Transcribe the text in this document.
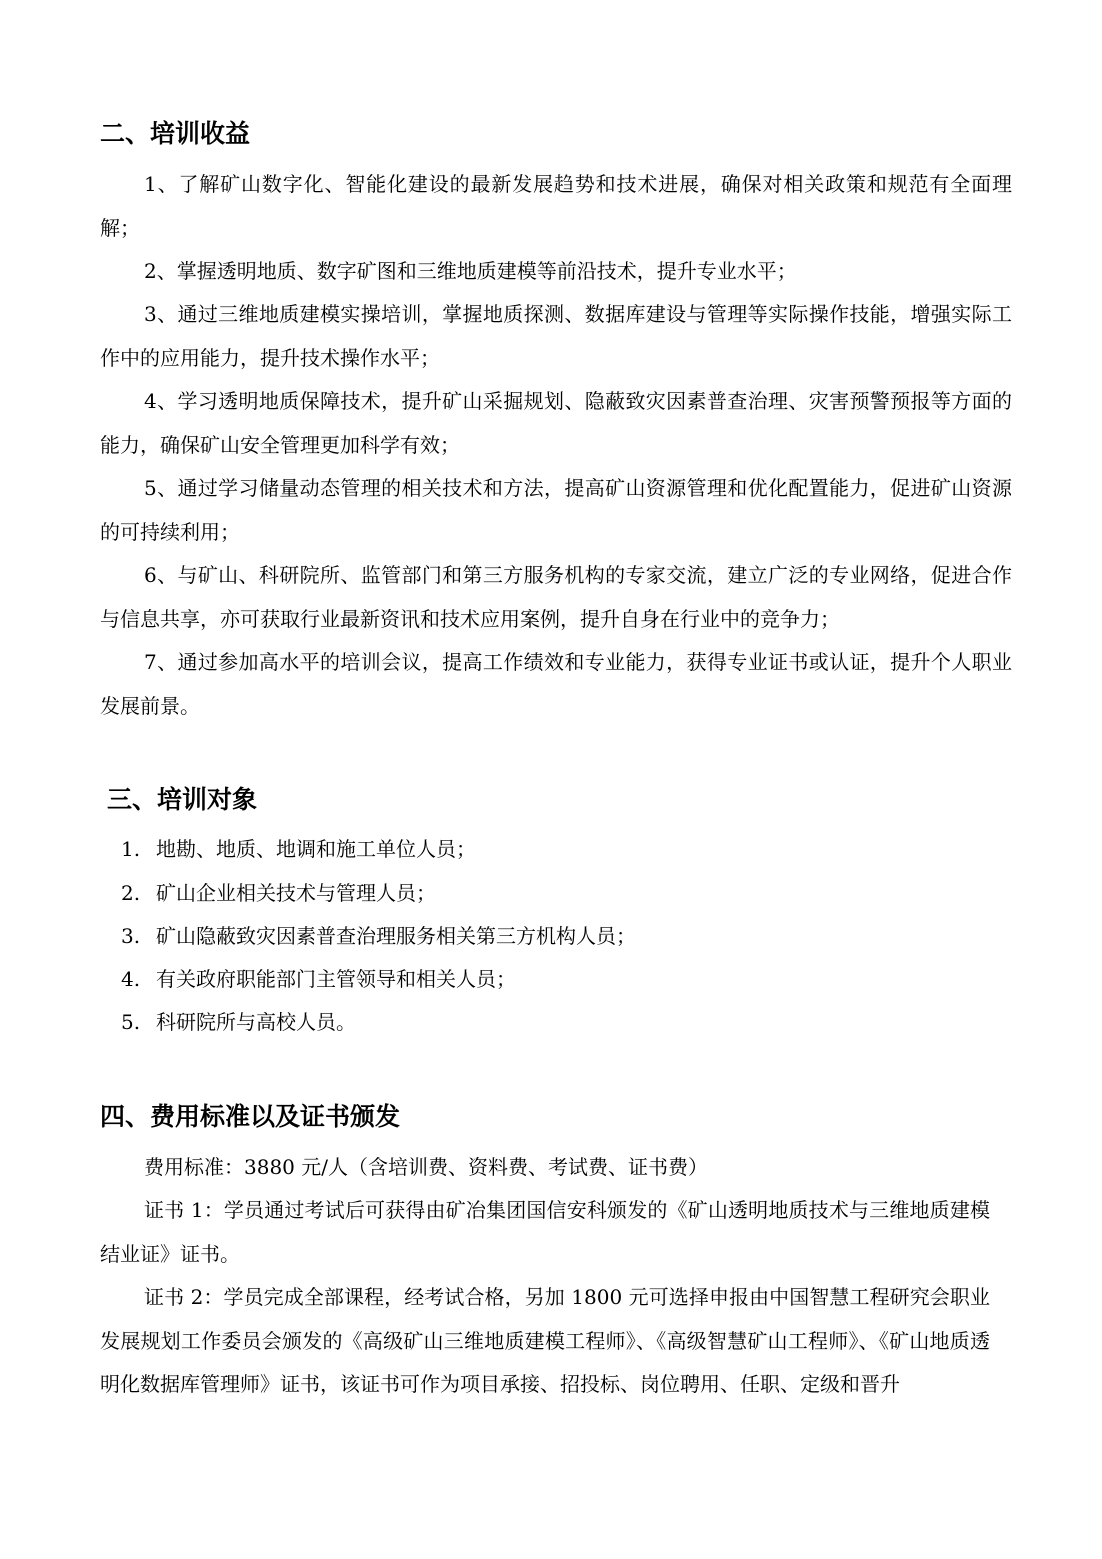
二、培训收益

1、了解矿山数字化、智能化建设的最新发展趋势和技术进展，确保对相关政策和规范有全面理解；

2、掌握透明地质、数字矿图和三维地质建模等前沿技术，提升专业水平；

3、通过三维地质建模实操培训，掌握地质探测、数据库建设与管理等实际操作技能，增强实际工作中的应用能力，提升技术操作水平；

4、学习透明地质保障技术，提升矿山采掘规划、隐蔽致灾因素普查治理、灾害预警预报等方面的能力，确保矿山安全管理更加科学有效；

5、通过学习储量动态管理的相关技术和方法，提高矿山资源管理和优化配置能力，促进矿山资源的可持续利用；

6、与矿山、科研院所、监管部门和第三方服务机构的专家交流，建立广泛的专业网络，促进合作与信息共享，亦可获取行业最新资讯和技术应用案例，提升自身在行业中的竞争力；

7、通过参加高水平的培训会议，提高工作绩效和专业能力，获得专业证书或认证，提升个人职业发展前景。

三、培训对象
1. 地勘、地质、地调和施工单位人员；
2. 矿山企业相关技术与管理人员；
3. 矿山隐蔽致灾因素普查治理服务相关第三方机构人员；
4. 有关政府职能部门主管领导和相关人员；
5. 科研院所与高校人员。
四、费用标准以及证书颁发

费用标准：3880 元/人（含培训费、资料费、考试费、证书费）

证书 1：学员通过考试后可获得由矿冶集团国信安科颁发的《矿山透明地质技术与三维地质建模结业证》证书。

证书 2：学员完成全部课程，经考试合格，另加 1800 元可选择申报由中国智慧工程研究会职业发展规划工作委员会颁发的《高级矿山三维地质建模工程师》、《高级智慧矿山工程师》、《矿山地质透明化数据库管理师》证书，该证书可作为项目承接、招投标、岗位聘用、任职、定级和晋升
